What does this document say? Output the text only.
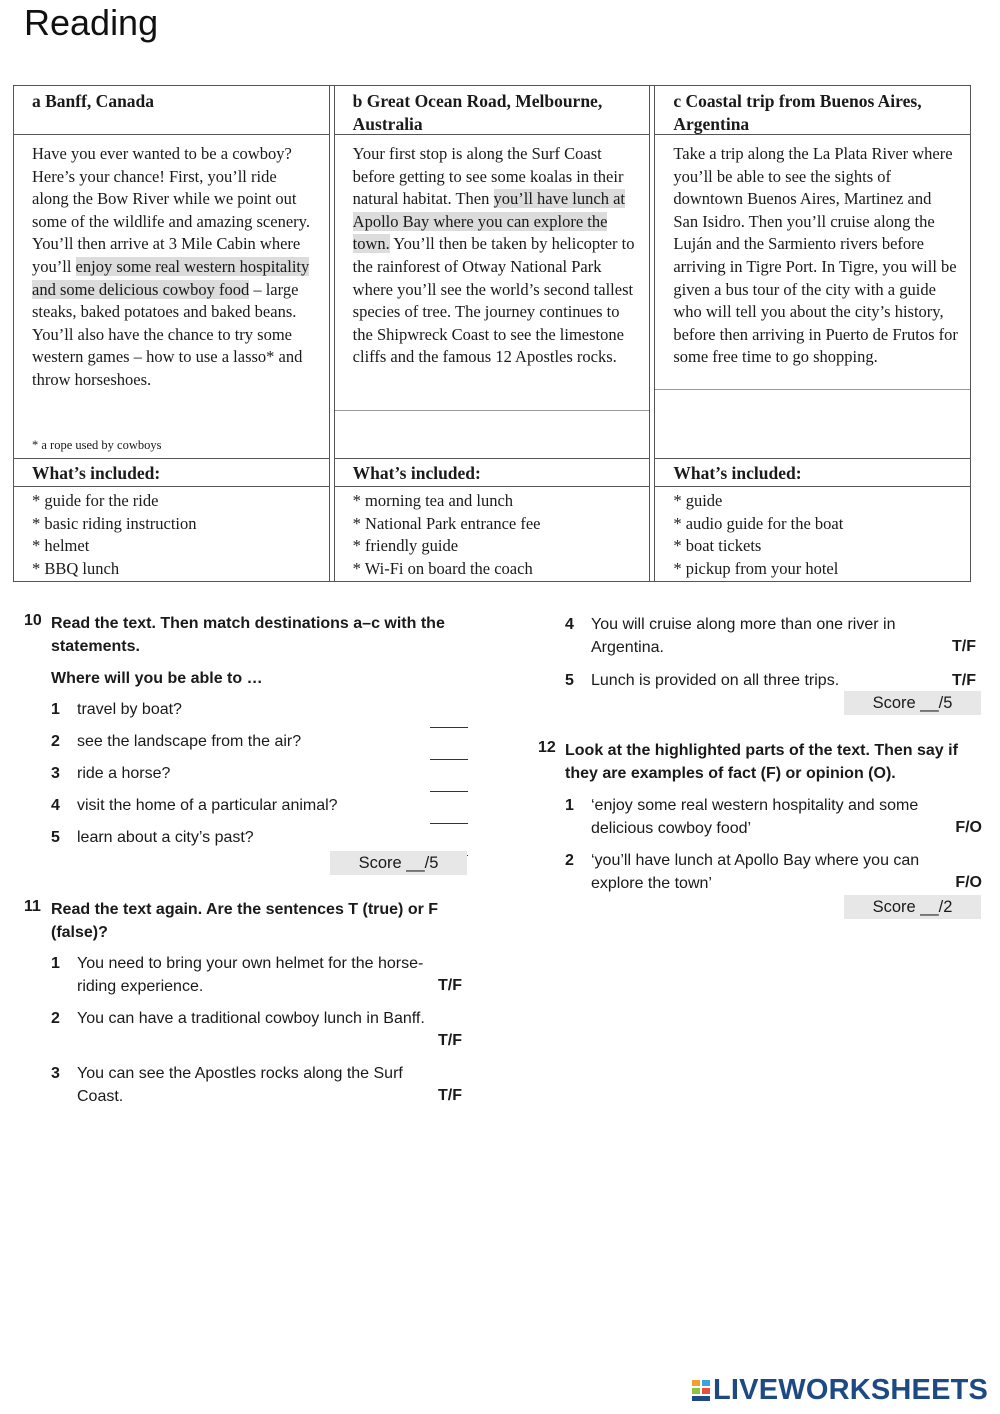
Reading
a Banff, Canada
Have you ever wanted to be a cowboy? Here’s your chance! First, you’ll ride along the Bow River while we point out some of the wildlife and amazing scenery. You’ll then arrive at 3 Mile Cabin where you’ll enjoy some real western hospitality and some delicious cowboy food – large steaks, baked potatoes and baked beans. You’ll also have the chance to try some western games – how to use a lasso* and throw horseshoes.
* a rope used by cowboys
What’s included:
* guide for the ride
* basic riding instruction
* helmet
* BBQ lunch
b Great Ocean Road, Melbourne, Australia
Your first stop is along the Surf Coast before getting to see some koalas in their natural habitat. Then you’ll have lunch at Apollo Bay where you can explore the town. You’ll then be taken by helicopter to the rainforest of Otway National Park where you’ll see the world’s second tallest species of tree. The journey continues to the Shipwreck Coast to see the limestone cliffs and the famous 12 Apostles rocks.
What’s included:
* morning tea and lunch
* National Park entrance fee
* friendly guide
* Wi-Fi on board the coach
c Coastal trip from Buenos Aires, Argentina
Take a trip along the La Plata River where you’ll be able to see the sights of downtown Buenos Aires, Martinez and San Isidro. Then you’ll cruise along the Luján and the Sarmiento rivers before arriving in Tigre Port. In Tigre, you will be given a bus tour of the city with a guide who will tell you about the city’s history, before then arriving in Puerto de Frutos for some free time to go shopping.
What’s included:
* guide
* audio guide for the boat
* boat tickets
* pickup from your hotel
10 Read the text. Then match destinations a–c with the statements.
Where will you be able to …
1 travel by boat?
2 see the landscape from the air?
3 ride a horse?
4 visit the home of a particular animal?
5 learn about a city’s past?
Score __/5
11 Read the text again. Are the sentences T (true) or F (false)?
1 You need to bring your own helmet for the horse-riding experience.	T/F
2 You can have a traditional cowboy lunch in Banff.
T/F
3 You can see the Apostles rocks along the Surf Coast.	T/F
4 You will cruise along more than one river in Argentina.	T/F
5 Lunch is provided on all three trips.	T/F
Score __/5
12 Look at the highlighted parts of the text. Then say if they are examples of fact (F) or opinion (O).
1 ‘enjoy some real western hospitality and some delicious cowboy food’	F/O
2 ‘you’ll have lunch at Apollo Bay where you can explore the town’	F/O
Score __/2
LIVEWORKSHEETS
